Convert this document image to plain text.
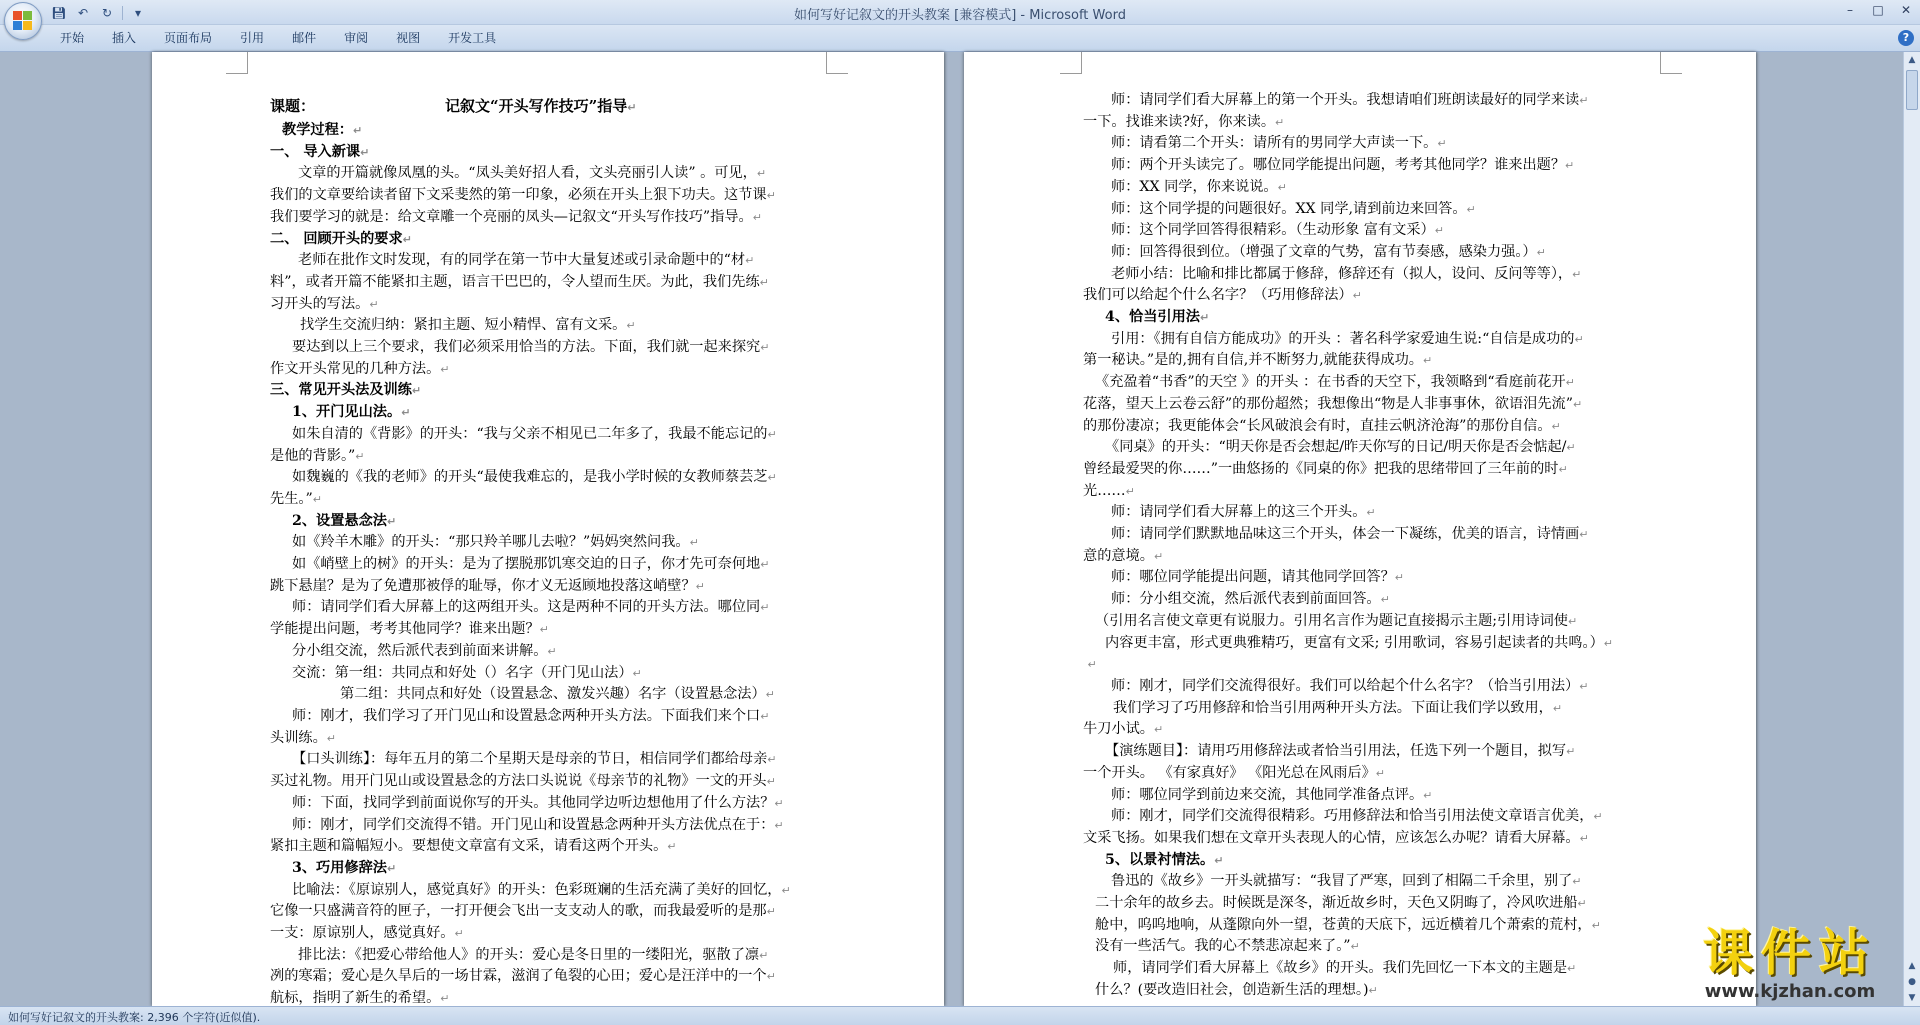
💾︎ ↶	↻	▾	如何写好记叙文的开头教案 [兼容模式] - Microsoft Word	–	□	✕
开始	插入	页面布局	引用	邮件	审阅	视图	开发工具	?

课题：	记叙文“开头写作技巧”指导↵

教学过程：↵

一、 导入新课↵

文章的开篇就像凤凰的头。“凤头美好招人看，文头亮丽引人读” 。可见，↵

我们的文章要给读者留下文采斐然的第一印象，必须在开头上狠下功夫。这节课↵

我们要学习的就是：给文章雕一个亮丽的凤头—记叙文“开头写作技巧”指导。↵

二、 回顾开头的要求↵

老师在批作文时发现，有的同学在第一节中大量复述或引录命题中的“材↵

料”，或者开篇不能紧扣主题，语言干巴巴的，令人望而生厌。为此，我们先练↵

习开头的写法。↵

找学生交流归纳：紧扣主题、短小精悍、富有文采。↵

要达到以上三个要求，我们必须采用恰当的方法。下面，我们就一起来探究↵

作文开头常见的几种方法。↵

三、常见开头法及训练↵

1、开门见山法。↵

如朱自清的《背影》的开头：“我与父亲不相见已二年多了，我最不能忘记的↵

是他的背影。”↵

如魏巍的《我的老师》的开头“最使我难忘的，是我小学时候的女教师蔡芸芝↵

先生。”↵

2、设置悬念法↵

如《羚羊木雕》的开头：“那只羚羊哪儿去啦？”妈妈突然问我。↵

如《峭壁上的树》的开头：是为了摆脱那饥寒交迫的日子，你才先可奈何地↵

跳下悬崖？是为了免遭那被俘的耻辱，你才义无返顾地投落这峭壁？↵

师：请同学们看大屏幕上的这两组开头。这是两种不同的开头方法。哪位同↵

学能提出问题，考考其他同学？谁来出题？↵

分小组交流，然后派代表到前面来讲解。↵

交流：第一组：共同点和好处（）名字（开门见山法）↵

第二组：共同点和好处（设置悬念、激发兴趣）名字（设置悬念法）↵

师：刚才，我们学习了开门见山和设置悬念两种开头方法。下面我们来个口↵

头训练。↵

【口头训练】：每年五月的第二个星期天是母亲的节日，相信同学们都给母亲↵

买过礼物。用开门见山或设置悬念的方法口头说说《母亲节的礼物》一文的开头↵

师：下面，找同学到前面说你写的开头。其他同学边听边想他用了什么方法？↵

师：刚才，同学们交流得不错。开门见山和设置悬念两种开头方法优点在于：↵

紧扣主题和篇幅短小。要想使文章富有文采，请看这两个开头。↵

3、巧用修辞法↵

比喻法：《原谅别人，感觉真好》的开头：色彩斑斓的生活充满了美好的回忆，↵

它像一只盛满音符的匣子，一打开便会飞出一支支动人的歌，而我最爱听的是那↵

一支：原谅别人，感觉真好。↵

排比法：《把爱心带给他人》的开头：爱心是冬日里的一缕阳光，驱散了凛↵

冽的寒霜；爱心是久旱后的一场甘霖，滋润了龟裂的心田；爱心是汪洋中的一个↵

航标，指明了新生的希望。↵

师：请同学们看大屏幕上的第一个开头。我想请咱们班朗读最好的同学来读↵

一下。找谁来读?好，你来读。↵

师：请看第二个开头：请所有的男同学大声读一下。↵

师：两个开头读完了。哪位同学能提出问题，考考其他同学？谁来出题？↵

师：XX 同学，你来说说。↵

师：这个同学提的问题很好。XX 同学,请到前边来回答。↵

师：这个同学回答得很精彩。（生动形象 富有文采）↵

师：回答得很到位。（增强了文章的气势，富有节奏感，感染力强。）↵

老师小结：比喻和排比都属于修辞，修辞还有（拟人，设问、反问等等），↵

我们可以给起个什么名字？（巧用修辞法）↵

4、恰当引用法↵

引用：《拥有自信方能成功》的开头 ：著名科学家爱迪生说:“自信是成功的↵

第一秘诀。”是的,拥有自信,并不断努力,就能获得成功。↵

《充盈着“书香”的天空 》的开头 ：在书香的天空下，我领略到“看庭前花开↵

花落，望天上云卷云舒”的那份超然；我想像出“物是人非事事休，欲语泪先流”↵

的那份凄凉；我更能体会“长风破浪会有时，直挂云帆济沧海”的那份自信。↵

《同桌》的开头：“明天你是否会想起/昨天你写的日记/明天你是否会惦起/↵

曾经最爱哭的你……”一曲悠扬的《同桌的你》把我的思绪带回了三年前的时↵

光……↵

师：请同学们看大屏幕上的这三个开头。↵

师：请同学们默默地品味这三个开头，体会一下凝练，优美的语言，诗情画↵

意的意境。↵

师：哪位同学能提出问题，请其他同学回答？↵

师：分小组交流，然后派代表到前面回答。↵

（引用名言使文章更有说服力。引用名言作为题记直接揭示主题;引用诗词使↵

内容更丰富，形式更典雅精巧，更富有文采; 引用歌词，容易引起读者的共鸣。）↵

↵

师：刚才，同学们交流得很好。我们可以给起个什么名字？（恰当引用法）↵

我们学习了巧用修辞和恰当引用两种开头方法。下面让我们学以致用，↵

牛刀小试。↵

【演练题目】：请用巧用修辞法或者恰当引用法，任选下列一个题目，拟写↵

一个开头。 《有家真好》 《阳光总在风雨后》↵

师：哪位同学到前边来交流，其他同学准备点评。↵

师：刚才，同学们交流得很精彩。巧用修辞法和恰当引用法使文章语言优美，↵

文采飞扬。如果我们想在文章开头表现人的心情，应该怎么办呢？请看大屏幕。↵

5、以景衬情法。↵

鲁迅的《故乡》一开头就描写：“我冒了严寒，回到了相隔二千余里，别了↵

二十余年的故乡去。时候既是深冬，渐近故乡时，天色又阴晦了，冷风吹进船↵

舱中，呜呜地响，从蓬隙向外一望，苍黄的天底下，远近横着几个萧索的荒村，↵

没有一些活气。我的心不禁悲凉起来了。”↵

师，请同学们看大屏幕上《故乡》的开头。我们先回忆一下本文的主题是↵

什么？(要改造旧社会，创造新生活的理想。)↵

▲
▲
●
▼
如何写好记叙文的开头教案: 2,396 个字符(近似值).
课件站
www.kjzhan.com
